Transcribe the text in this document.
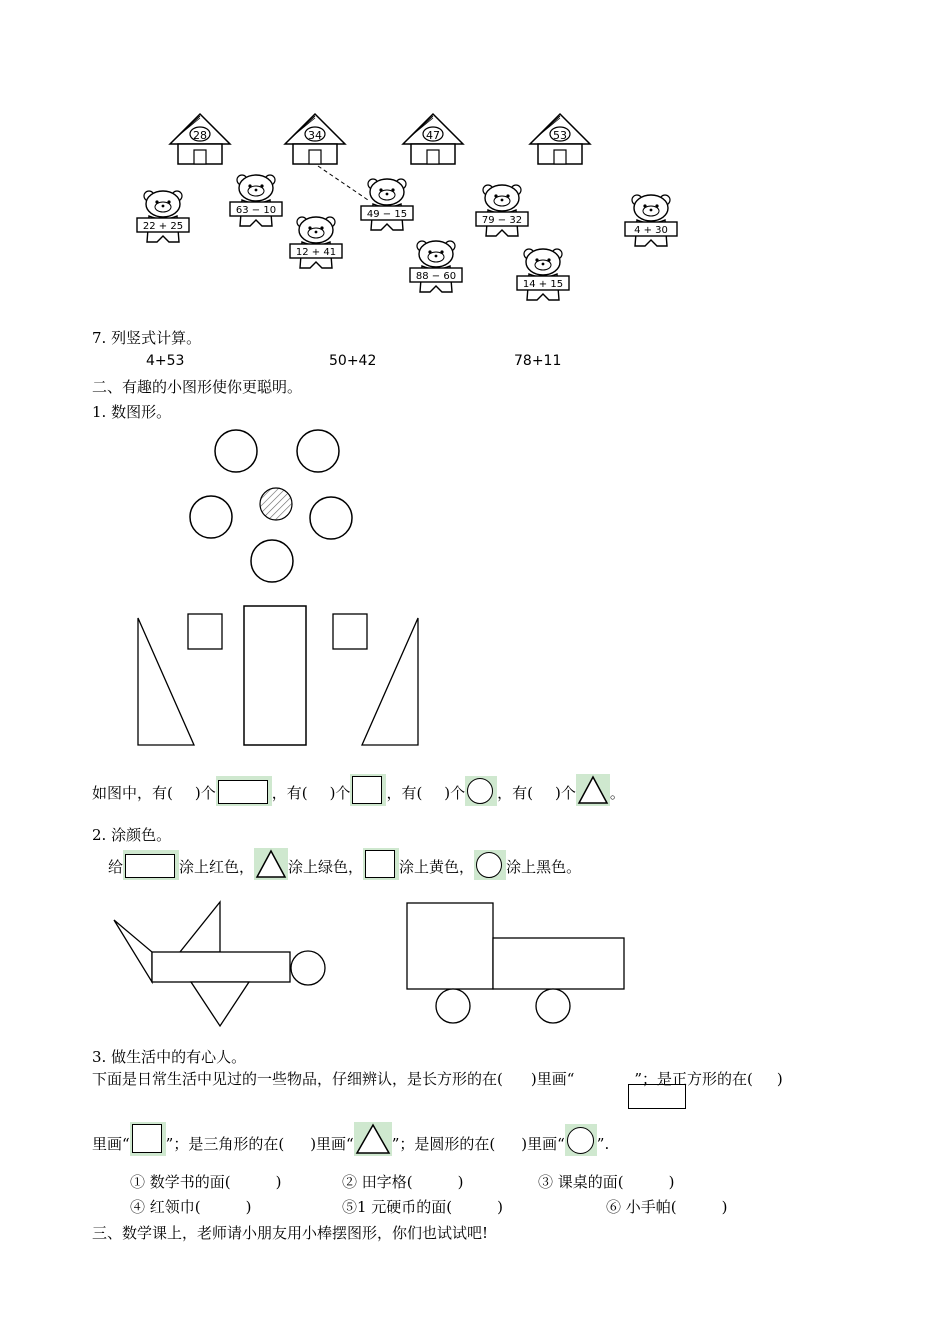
28	34	47	53
22 + 25
63 − 10
12 + 41
49 − 15
88 − 60
79 − 32
14 + 15
4 + 30
7. 列竖式计算。
4+53	50+42	78+11
二、有趣的小图形使你更聪明。
1. 数图形。
如图中，有( )个	，有( )个 ，有( )个 ，有( )个 。
2. 涂颜色。
给	涂上红色， 涂上绿色， 涂上黄色， 涂上黑色。
3. 做生活中的有心人。
下面是日常生活中见过的一些物品，仔细辨认，是长方形的在( )里画“	”；是正方形的在( )
里画“ ”；是三角形的在( )里画“	”；是圆形的在( )里画“ ”.
① 数学书的面(　　　)	② 田字格(　　　)	③ 课桌的面(　　　)
④ 红领巾(　　　)	⑤1 元硬币的面(　　　)	⑥ 小手帕(　　　)
三、数学课上，老师请小朋友用小棒摆图形，你们也试试吧!
